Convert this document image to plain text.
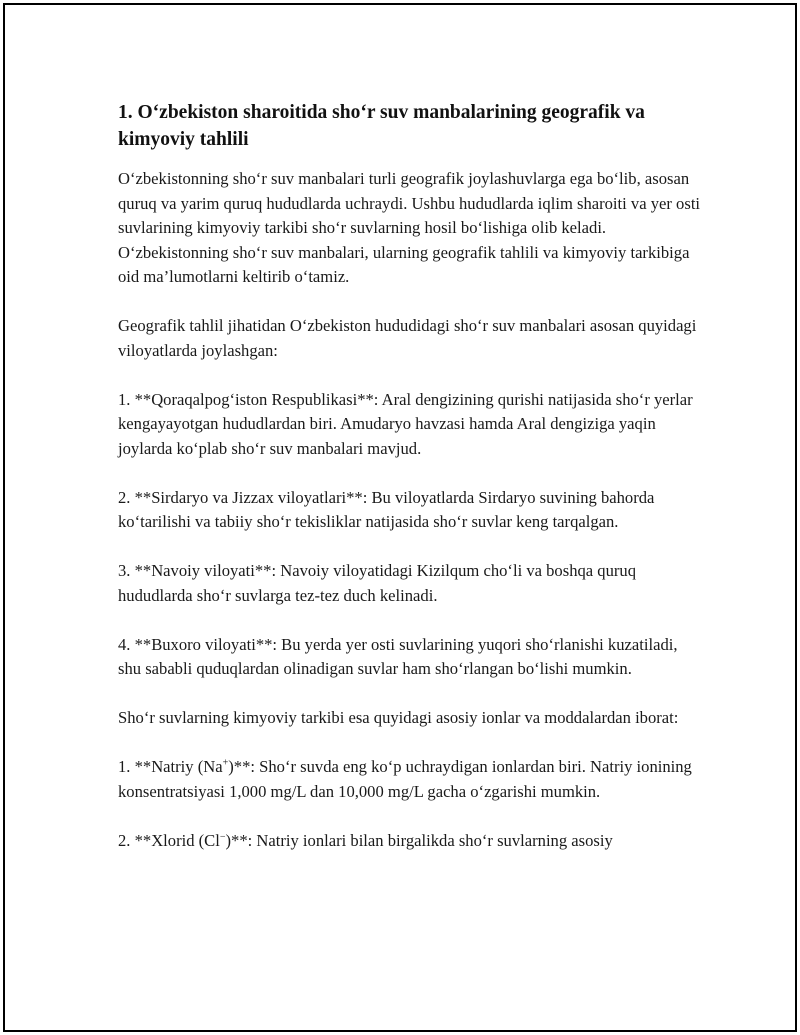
1. O‘zbekiston sharoitida sho‘r suv manbalarining geografik va kimyoviy tahlili

O‘zbekistonning sho‘r suv manbalari turli geografik joylashuvlarga ega bo‘lib, asosan quruq va yarim quruq hududlarda uchraydi. Ushbu hududlarda iqlim sharoiti va yer osti suvlarining kimyoviy tarkibi sho‘r suvlarning hosil bo‘lishiga olib keladi. O‘zbekistonning sho‘r suv manbalari, ularning geografik tahlili va kimyoviy tarkibiga oid ma’lumotlarni keltirib o‘tamiz.

Geografik tahlil jihatidan O‘zbekiston hududidagi sho‘r suv manbalari asosan quyidagi viloyatlarda joylashgan:

1. **Qoraqalpog‘iston Respublikasi**: Aral dengizining qurishi natijasida sho‘r yerlar kengayayotgan hududlardan biri. Amudaryo havzasi hamda Aral dengiziga yaqin joylarda ko‘plab sho‘r suv manbalari mavjud.

2. **Sirdaryo va Jizzax viloyatlari**: Bu viloyatlarda Sirdaryo suvining bahorda ko‘tarilishi va tabiiy sho‘r tekisliklar natijasida sho‘r suvlar keng tarqalgan.

3. **Navoiy viloyati**: Navoiy viloyatidagi Kizilqum cho‘li va boshqa quruq hududlarda sho‘r suvlarga tez-tez duch kelinadi.

4. **Buxoro viloyati**: Bu yerda yer osti suvlarining yuqori sho‘rlanishi kuzatiladi, shu sababli quduqlardan olinadigan suvlar ham sho‘rlangan bo‘lishi mumkin.

Sho‘r suvlarning kimyoviy tarkibi esa quyidagi asosiy ionlar va moddalardan iborat:

1. **Natriy (Na+)**: Sho‘r suvda eng ko‘p uchraydigan ionlardan biri. Natriy ionining konsentratsiyasi 1,000 mg/L dan 10,000 mg/L gacha o‘zgarishi mumkin.

2. **Xlorid (Cl−)**: Natriy ionlari bilan birgalikda sho‘r suvlarning asosiy
